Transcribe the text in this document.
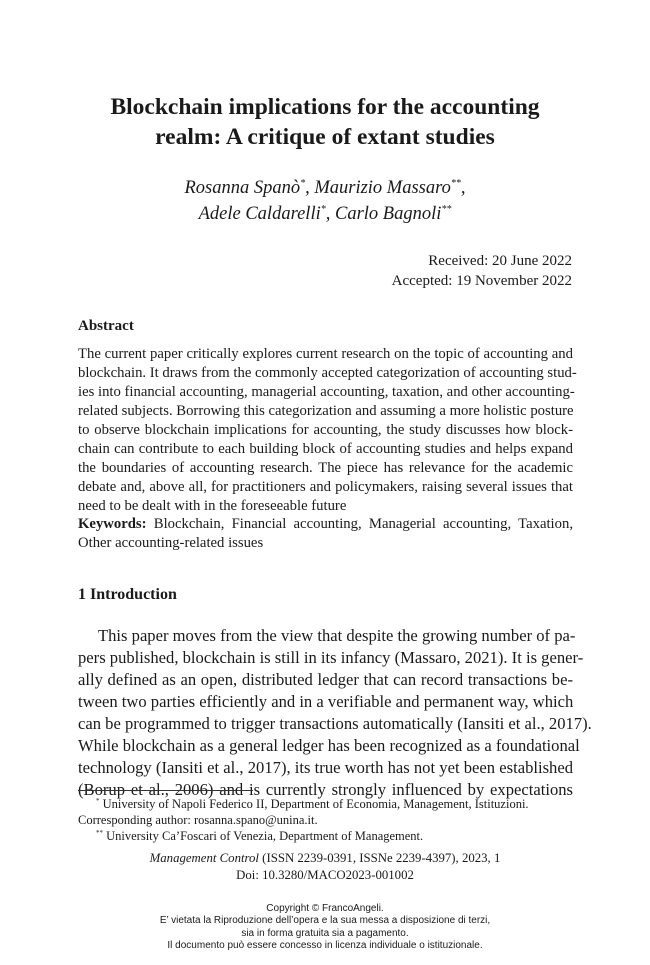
Blockchain implications for the accounting
realm: A critique of extant studies
Rosanna Spanò*, Maurizio Massaro**,
Adele Caldarelli*, Carlo Bagnoli**
Received: 20 June 2022
Accepted: 19 November 2022
Abstract
The current paper critically explores current research on the topic of accounting and
blockchain. It draws from the commonly accepted categorization of accounting stud-
ies into financial accounting, managerial accounting, taxation, and other accounting-
related subjects. Borrowing this categorization and assuming a more holistic posture
to observe blockchain implications for accounting, the study discusses how block-
chain can contribute to each building block of accounting studies and helps expand
the boundaries of accounting research. The piece has relevance for the academic
debate and, above all, for practitioners and policymakers, raising several issues that
need to be dealt with in the foreseeable future
Keywords: Blockchain, Financial accounting, Managerial accounting, Taxation,
Other accounting-related issues
1 Introduction
This paper moves from the view that despite the growing number of pa-
pers published, blockchain is still in its infancy (Massaro, 2021). It is gener-
ally defined as an open, distributed ledger that can record transactions be-
tween two parties efficiently and in a verifiable and permanent way, which
can be programmed to trigger transactions automatically (Iansiti et al., 2017).
While blockchain as a general ledger has been recognized as a foundational
technology (Iansiti et al., 2017), its true worth has not yet been established
(Borup et al., 2006) and is currently strongly influenced by expectations
* University of Napoli Federico II, Department of Economia, Management, Istituzioni.
Corresponding author: rosanna.spano@unina.it.
** University Ca’Foscari of Venezia, Department of Management.
Management Control (ISSN 2239-0391, ISSNe 2239-4397), 2023, 1
Doi: 10.3280/MACO2023-001002
Copyright © FrancoAngeli.
E’ vietata la Riproduzione dell’opera e la sua messa a disposizione di terzi,
sia in forma gratuita sia a pagamento.
Il documento può essere concesso in licenza individuale o istituzionale.
